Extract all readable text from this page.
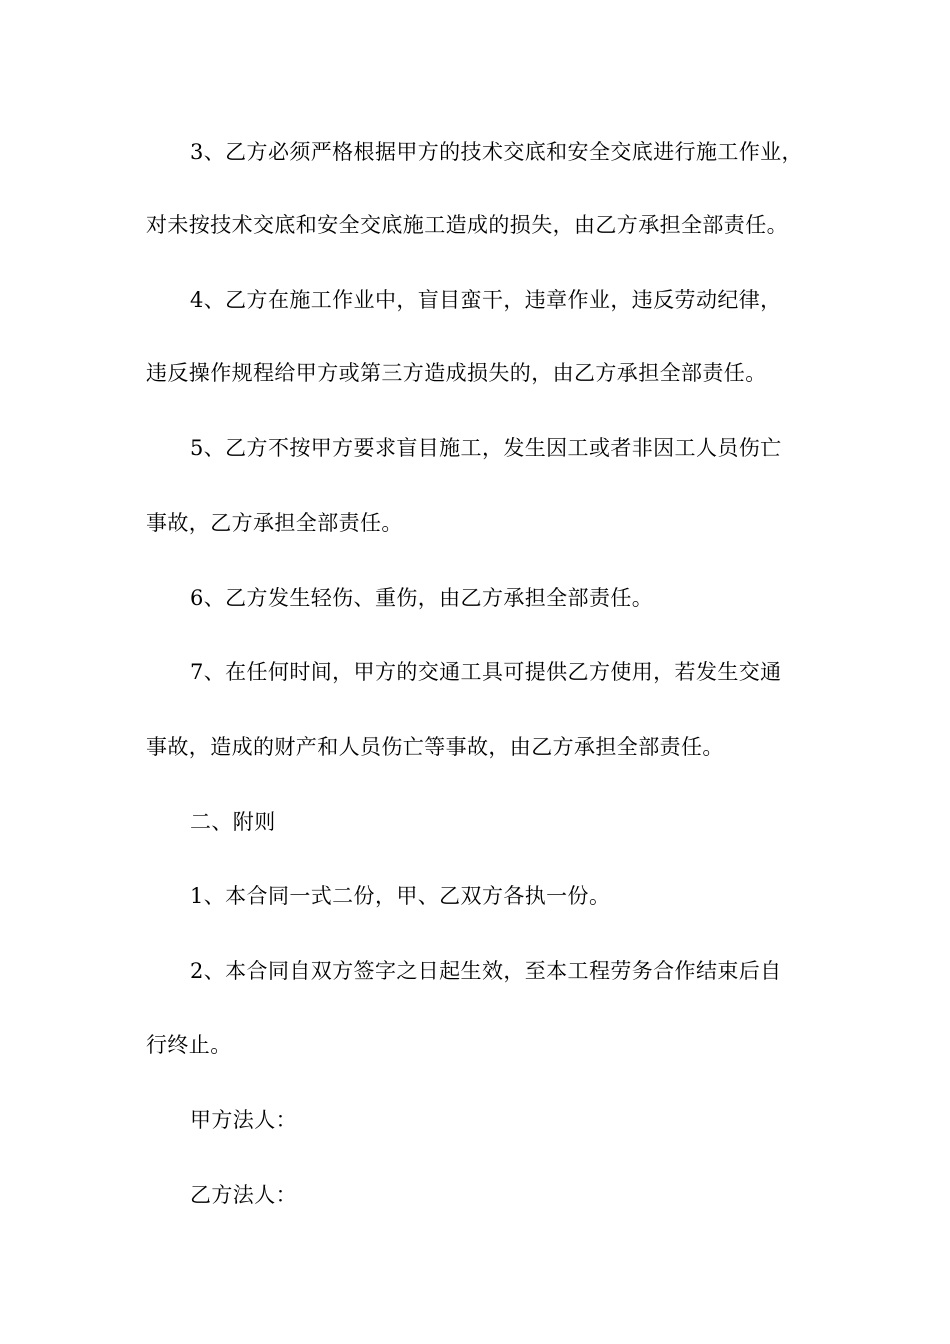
3、乙方必须严格根据甲方的技术交底和安全交底进行施工作业，
对未按技术交底和安全交底施工造成的损失，由乙方承担全部责任。
4、乙方在施工作业中，盲目蛮干，违章作业，违反劳动纪律，
违反操作规程给甲方或第三方造成损失的，由乙方承担全部责任。
5、乙方不按甲方要求盲目施工，发生因工或者非因工人员伤亡
事故，乙方承担全部责任。
6、乙方发生轻伤、重伤，由乙方承担全部责任。
7、在任何时间，甲方的交通工具可提供乙方使用，若发生交通
事故，造成的财产和人员伤亡等事故，由乙方承担全部责任。
二、附则
1、本合同一式二份，甲、乙双方各执一份。
2、本合同自双方签字之日起生效，至本工程劳务合作结束后自
行终止。
甲方法人：
乙方法人：
